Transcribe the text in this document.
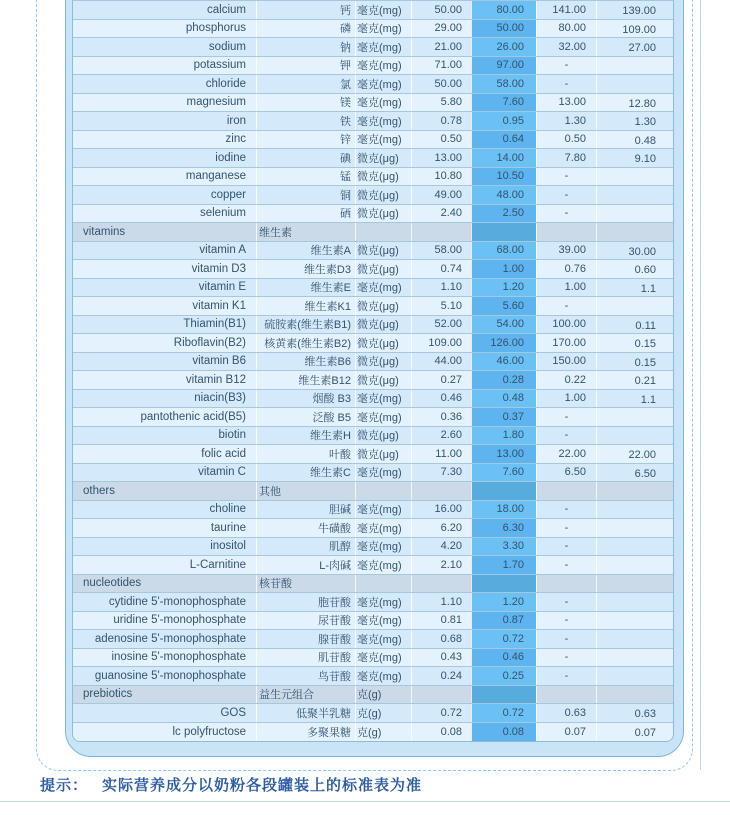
calcium	钙 毫克(mg)	50.00	80.00	141.00	139.00
phosphorus	磷 毫克(mg)	29.00	50.00	80.00	109.00
sodium	钠 毫克(mg)	21.00	26.00	32.00	27.00
potassium	钾 毫克(mg)	71.00	97.00	-
chloride	氯 毫克(mg)	50.00	58.00	-
magnesium	镁 毫克(mg)	5.80	7.60	13.00	12.80
iron	铁 毫克(mg)	0.78	0.95	1.30	1.30
zinc	锌 毫克(mg)	0.50	0.64	0.50	0.48
iodine	碘 微克(μg)	13.00	14.00	7.80	9.10
manganese	锰 微克(μg)	10.80	10.50	-
copper	铜 微克(μg)	49.00	48.00	-
selenium	硒 微克(μg)	2.40	2.50	-
vitamins	维生素
vitamin A	维生素A 微克(μg)	58.00	68.00	39.00	30.00
vitamin D3	维生素D3 微克(μg)	0.74	1.00	0.76	0.60
vitamin E	维生素E 毫克(mg)	1.10	1.20	1.00	1.1
vitamin K1	维生素K1 微克(μg)	5.10	5.60	-
Thiamin(B1)	硫胺素(维生素B1) 微克(μg)	52.00	54.00	100.00	0.11
Riboflavin(B2)	核黄素(维生素B2) 微克(μg)	109.00	126.00	170.00	0.15
vitamin B6	维生素B6 微克(μg)	44.00	46.00	150.00	0.15
vitamin B12	维生素B12 微克(μg)	0.27	0.28	0.22	0.21
niacin(B3)	烟酸 B3 毫克(mg)	0.46	0.48	1.00	1.1
pantothenic acid(B5)	泛酸 B5 毫克(mg)	0.36	0.37	-
biotin	维生素H 微克(μg)	2.60	1.80	-
folic acid	叶酸 微克(μg)	11.00	13.00	22.00	22.00
vitamin C	维生素C 毫克(mg)	7.30	7.60	6.50	6.50
others	其他
choline	胆碱 毫克(mg)	16.00	18.00	-
taurine	牛磺酸 毫克(mg)	6.20	6.30	-
inositol	肌醇 毫克(mg)	4.20	3.30	-
L-Carnitine	L-肉碱 毫克(mg)	2.10	1.70	-
nucleotides	核苷酸
cytidine 5'-monophosphate	胞苷酸 毫克(mg)	1.10	1.20	-
uridine 5'-monophosphate	尿苷酸 毫克(mg)	0.81	0.87	-
adenosine 5'-monophosphate	腺苷酸 毫克(mg)	0.68	0.72	-
inosine 5'-monophosphate	肌苷酸 毫克(mg)	0.43	0.46	-
guanosine 5'-monophosphate	鸟苷酸 毫克(mg)	0.24	0.25	-
prebiotics	益生元组合	克(g)
GOS	低聚半乳糖 克(g)	0.72	0.72	0.63	0.63
lc polyfructose	多聚果糖 克(g)	0.08	0.08	0.07	0.07
提示： 实际营养成分以奶粉各段罐装上的标准表为准
